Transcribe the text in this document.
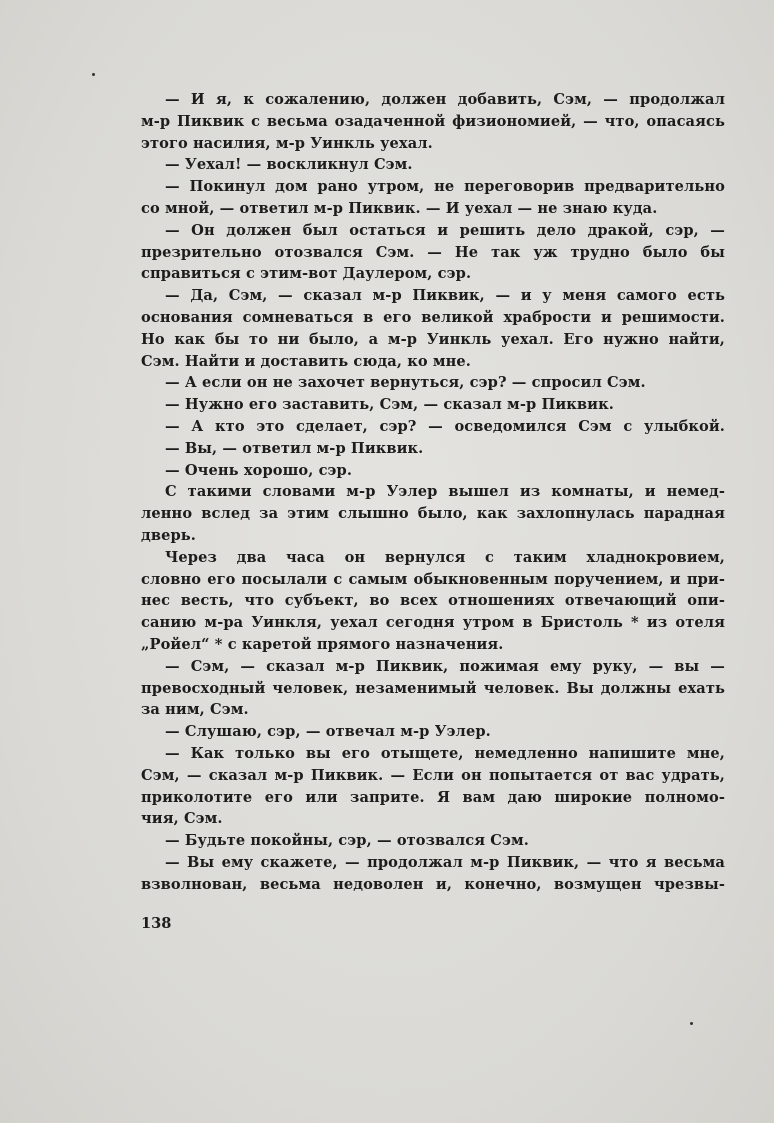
— И я, к сожалению, должен добавить, Сэм, — продолжал
м-р Пиквик с весьма озадаченной физиономией, — что, опасаясь
этого насилия, м-р Уинкль уехал.
— Уехал! — воскликнул Сэм.
— Покинул дом рано утром, не переговорив предварительно
со мной, — ответил м-р Пиквик. — И уехал — не знаю куда.
— Он должен был остаться и решить дело дракой, сэр, —
презрительно отозвался Сэм. — Не так уж трудно было бы
справиться с этим-вот Даулером, сэр.
— Да, Сэм, — сказал м-р Пиквик, — и у меня самого есть
основания сомневаться в его великой храбрости и решимости.
Но как бы то ни было, а м-р Уинкль уехал. Его нужно найти,
Сэм. Найти и доставить сюда, ко мне.
— А если он не захочет вернуться, сэр? — спросил Сэм.
— Нужно его заставить, Сэм, — сказал м-р Пиквик.
— А кто это сделает, сэр? — осведомился Сэм с улыбкой.
— Вы, — ответил м-р Пиквик.
— Очень хорошо, сэр.
С такими словами м-р Уэлер вышел из комнаты, и немед-
ленно вслед за этим слышно было, как захлопнулась парадная
дверь.
Через два часа он вернулся с таким хладнокровием,
словно его посылали с самым обыкновенным поручением, и при-
нес весть, что субъект, во всех отношениях отвечающий опи-
санию м-ра Уинкля, уехал сегодня утром в Бристоль * из отеля
„Ройел“ * с каретой прямого назначения.
— Сэм, — сказал м-р Пиквик, пожимая ему руку, — вы —
превосходный человек, незаменимый человек. Вы должны ехать
за ним, Сэм.
— Слушаю, сэр, — отвечал м-р Уэлер.
— Как только вы его отыщете, немедленно напишите мне,
Сэм, — сказал м-р Пиквик. — Если он попытается от вас удрать,
приколотите его или заприте. Я вам даю широкие полномо-
чия, Сэм.
— Будьте покойны, сэр, — отозвался Сэм.
— Вы ему скажете, — продолжал м-р Пиквик, — что я весьма
взволнован, весьма недоволен и, конечно, возмущен чрезвы-
138
